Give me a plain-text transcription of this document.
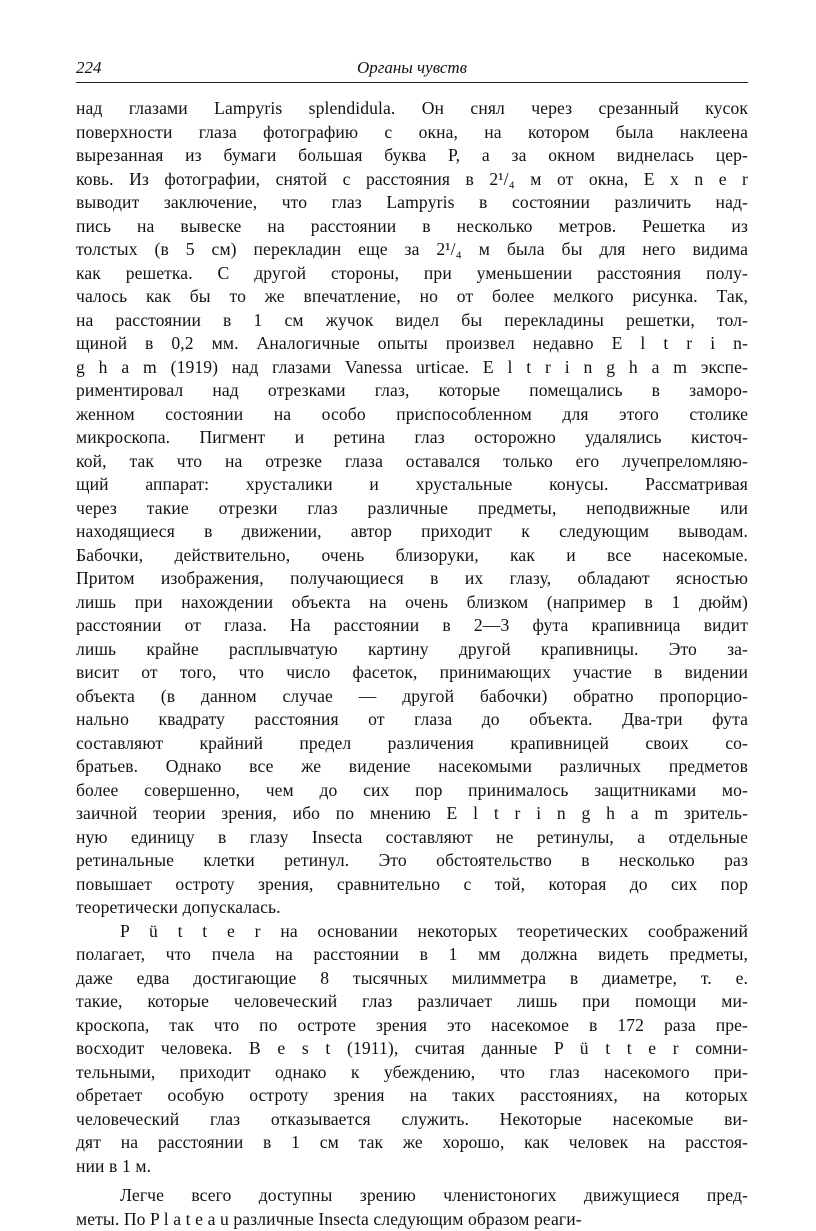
224	Органы чувств
над глазами Lampyris splendidula. Он снял через срезанный кусок
поверхности глаза фотографию с окна, на котором была наклеена
вырезанная из бумаги большая буква Р, а за окном виднелась цер-
ковь. Из фотографии, снятой с расстояния в 2¹/₄ м от окна, E x n e r
выводит заключение, что глаз Lampyris в состоянии различить над-
пись на вывеске на расстоянии в несколько метров. Решетка из
толстых (в 5 см) перекладин еще за 2¹/₄ м была бы для него видима
как решетка. С другой стороны, при уменьшении расстояния полу-
чалось как бы то же впечатление, но от более мелкого рисунка. Так,
на расстоянии в 1 см жучок видел бы перекладины решетки, тол-
щиной в 0,2 мм. Аналогичные опыты произвел недавно E l t r i n-
g h a m (1919) над глазами Vanessa urticae. E l t r i n g h a m экспе-
риментировал над отрезками глаз, которые помещались в заморо-
женном состоянии на особо приспособленном для этого столике
микроскопа. Пигмент и ретина глаз осторожно удалялись кисточ-
кой, так что на отрезке глаза оставался только его лучепреломляю-
щий аппарат: хрусталики и хрустальные конусы. Рассматривая
через такие отрезки глаз различные предметы, неподвижные или
находящиеся в движении, автор приходит к следующим выводам.
Бабочки, действительно, очень близоруки, как и все насекомые.
Притом изображения, получающиеся в их глазу, обладают ясностью
лишь при нахождении объекта на очень близком (например в 1 дюйм)
расстоянии от глаза. На расстоянии в 2—3 фута крапивница видит
лишь крайне расплывчатую картину другой крапивницы. Это за-
висит от того, что число фасеток, принимающих участие в видении
объекта (в данном случае — другой бабочки) обратно пропорцио-
нально квадрату расстояния от глаза до объекта. Два-три фута
составляют крайний предел различения крапивницей своих со-
братьев. Однако все же видение насекомыми различных предметов
более совершенно, чем до сих пор принималось защитниками мо-
заичной теории зрения, ибо по мнению E l t r i n g h a m зритель-
ную единицу в глазу Insecta составляют не ретинулы, а отдельные
ретинальные клетки ретинул. Это обстоятельство в несколько раз
повышает остроту зрения, сравнительно с той, которая до сих пор
теоретически допускалась.
P ü t t e r на основании некоторых теоретических соображений
полагает, что пчела на расстоянии в 1 мм должна видеть предметы,
даже едва достигающие 8 тысячных милимметра в диаметре, т. е.
такие, которые человеческий глаз различает лишь при помощи ми-
кроскопа, так что по остроте зрения это насекомое в 172 раза пре-
восходит человека. B e s t (1911), считая данные P ü t t e r сомни-
тельными, приходит однако к убеждению, что глаз насекомого при-
обретает особую остроту зрения на таких расстояниях, на которых
человеческий глаз отказывается служить. Некоторые насекомые ви-
дят на расстоянии в 1 см так же хорошо, как человек на расстоя-
нии в 1 м.
Легче всего доступны зрению членистоногих движущиеся пред-
меты. По P l a t e a u различные Insecta следующим образом реаги-
